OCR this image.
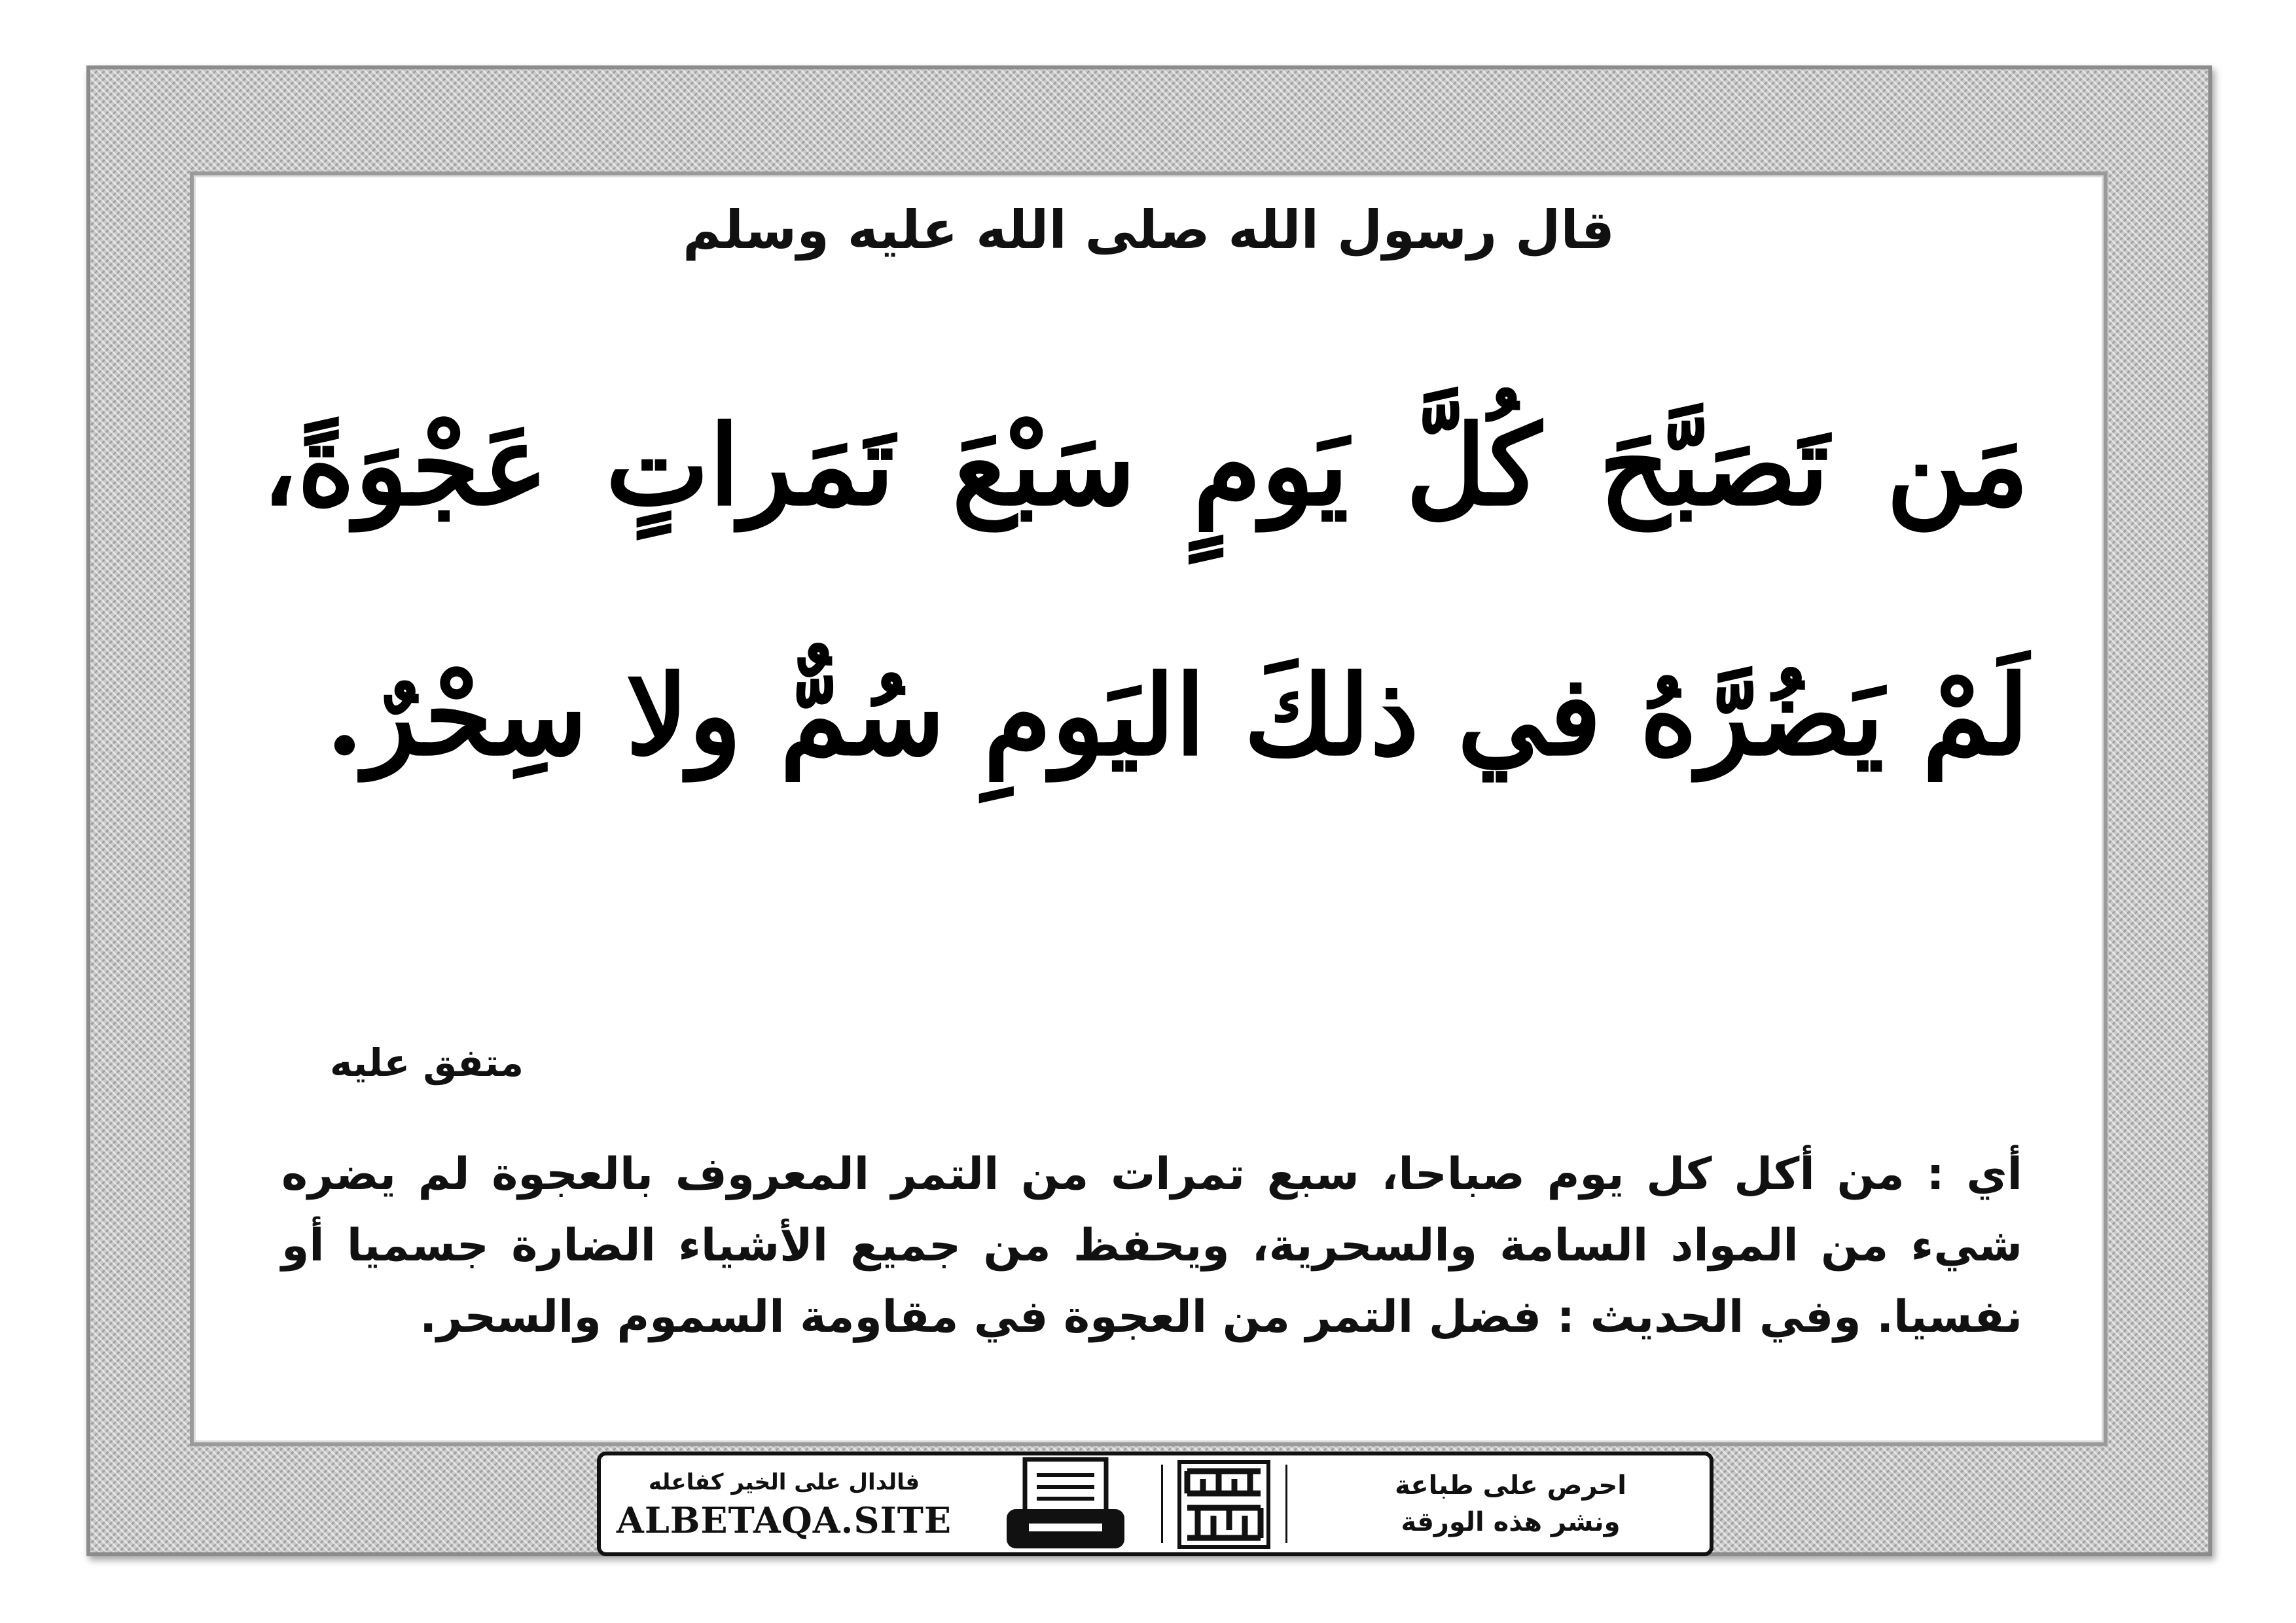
قال رسول الله صلى الله عليه وسلم
مَن تَصَبَّحَ كُلَّ يَومٍ سَبْعَ تَمَراتٍ عَجْوَةً، لَمْ يَضُرَّهُ في ذلكَ اليَومِ سُمٌّ ولا سِحْرٌ.
متفق عليه
أي : من أكل كل يوم صباحا، سبع تمرات من التمر المعروف بالعجوة لم يضره شيء من المواد السامة والسحرية، ويحفظ من جميع الأشياء الضارة جسميا أو نفسيا. وفي الحديث : فضل التمر من العجوة في مقاومة السموم والسحر.
فالدال على الخير كفاعله
ALBETAQA.SITE
احرص على طباعة
ونشر هذه الورقة
